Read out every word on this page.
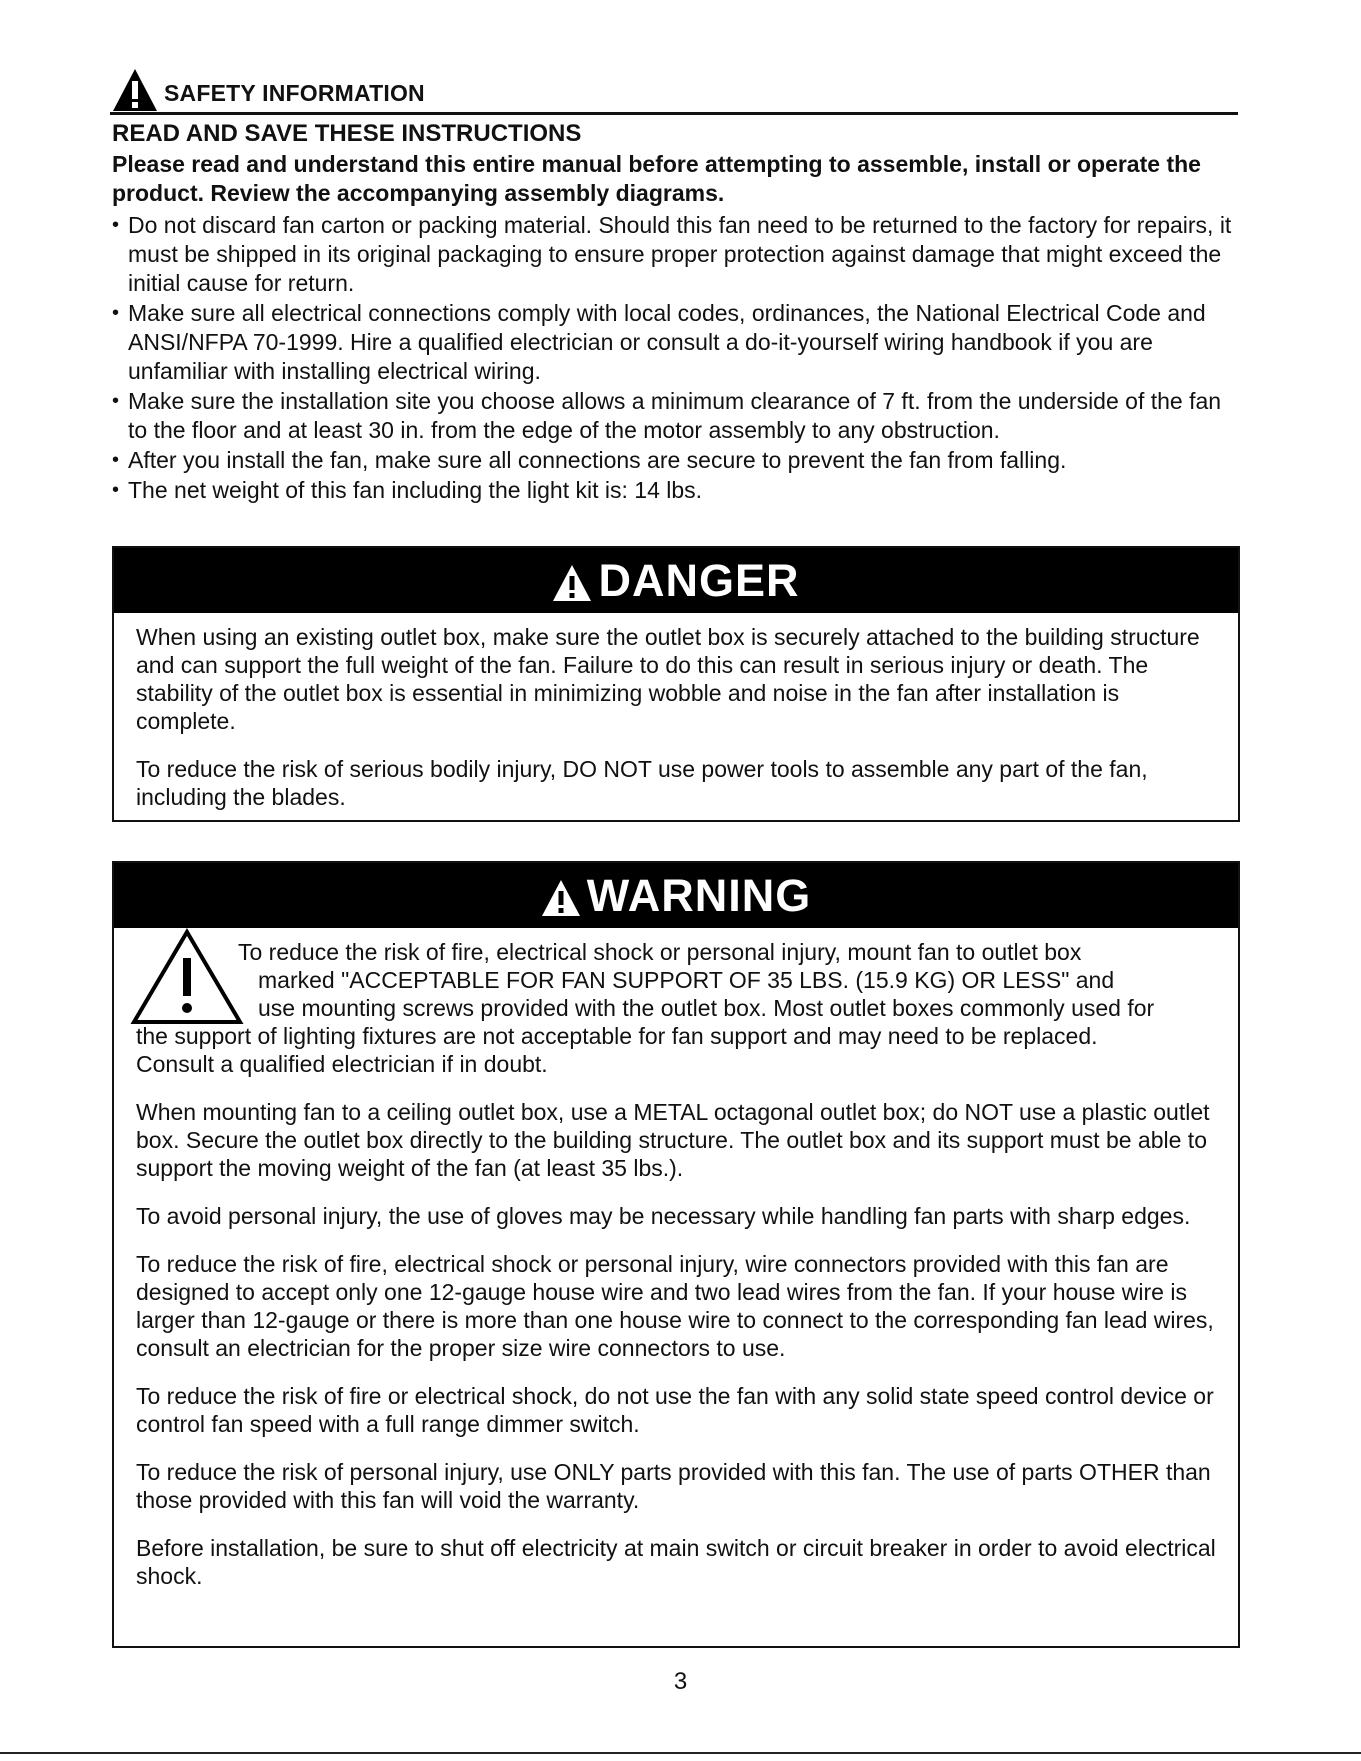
SAFETY INFORMATION
READ AND SAVE THESE INSTRUCTIONS
Please read and understand this entire manual before attempting to assemble, install or operate the product. Review the accompanying assembly diagrams.
• Do not discard fan carton or packing material. Should this fan need to be returned to the factory for repairs, it must be shipped in its original packaging to ensure proper protection against damage that might exceed the initial cause for return.
• Make sure all electrical connections comply with local codes, ordinances, the National Electrical Code and ANSI/NFPA 70-1999. Hire a qualified electrician or consult a do-it-yourself wiring handbook if you are unfamiliar with installing electrical wiring.
• Make sure the installation site you choose allows a minimum clearance of 7 ft. from the underside of the fan to the floor and at least 30 in. from the edge of the motor assembly to any obstruction.
• After you install the fan, make sure all connections are secure to prevent the fan from falling.
• The net weight of this fan including the light kit is: 14 lbs.
DANGER

When using an existing outlet box, make sure the outlet box is securely attached to the building structure and can support the full weight of the fan. Failure to do this can result in serious injury or death. The stability of the outlet box is essential in minimizing wobble and noise in the fan after installation is complete.

To reduce the risk of serious bodily injury, DO NOT use power tools to assemble any part of the fan, including the blades.

WARNING
To reduce the risk of fire, electrical shock or personal injury, mount fan to outlet box
marked "ACCEPTABLE FOR FAN SUPPORT OF 35 LBS. (15.9 KG) OR LESS" and
use mounting screws provided with the outlet box. Most outlet boxes commonly used for
the support of lighting fixtures are not acceptable for fan support and may need to be replaced.
Consult a qualified electrician if in doubt.

When mounting fan to a ceiling outlet box, use a METAL octagonal outlet box; do NOT use a plastic outlet box. Secure the outlet box directly to the building structure. The outlet box and its support must be able to support the moving weight of the fan (at least 35 lbs.).

To avoid personal injury, the use of gloves may be necessary while handling fan parts with sharp edges.

To reduce the risk of fire, electrical shock or personal injury, wire connectors provided with this fan are designed to accept only one 12-gauge house wire and two lead wires from the fan. If your house wire is larger than 12-gauge or there is more than one house wire to connect to the corresponding fan lead wires, consult an electrician for the proper size wire connectors to use.

To reduce the risk of fire or electrical shock, do not use the fan with any solid state speed control device or control fan speed with a full range dimmer switch.

To reduce the risk of personal injury, use ONLY parts provided with this fan. The use of parts OTHER than those provided with this fan will void the warranty.

Before installation, be sure to shut off electricity at main switch or circuit breaker in order to avoid electrical shock.

3
